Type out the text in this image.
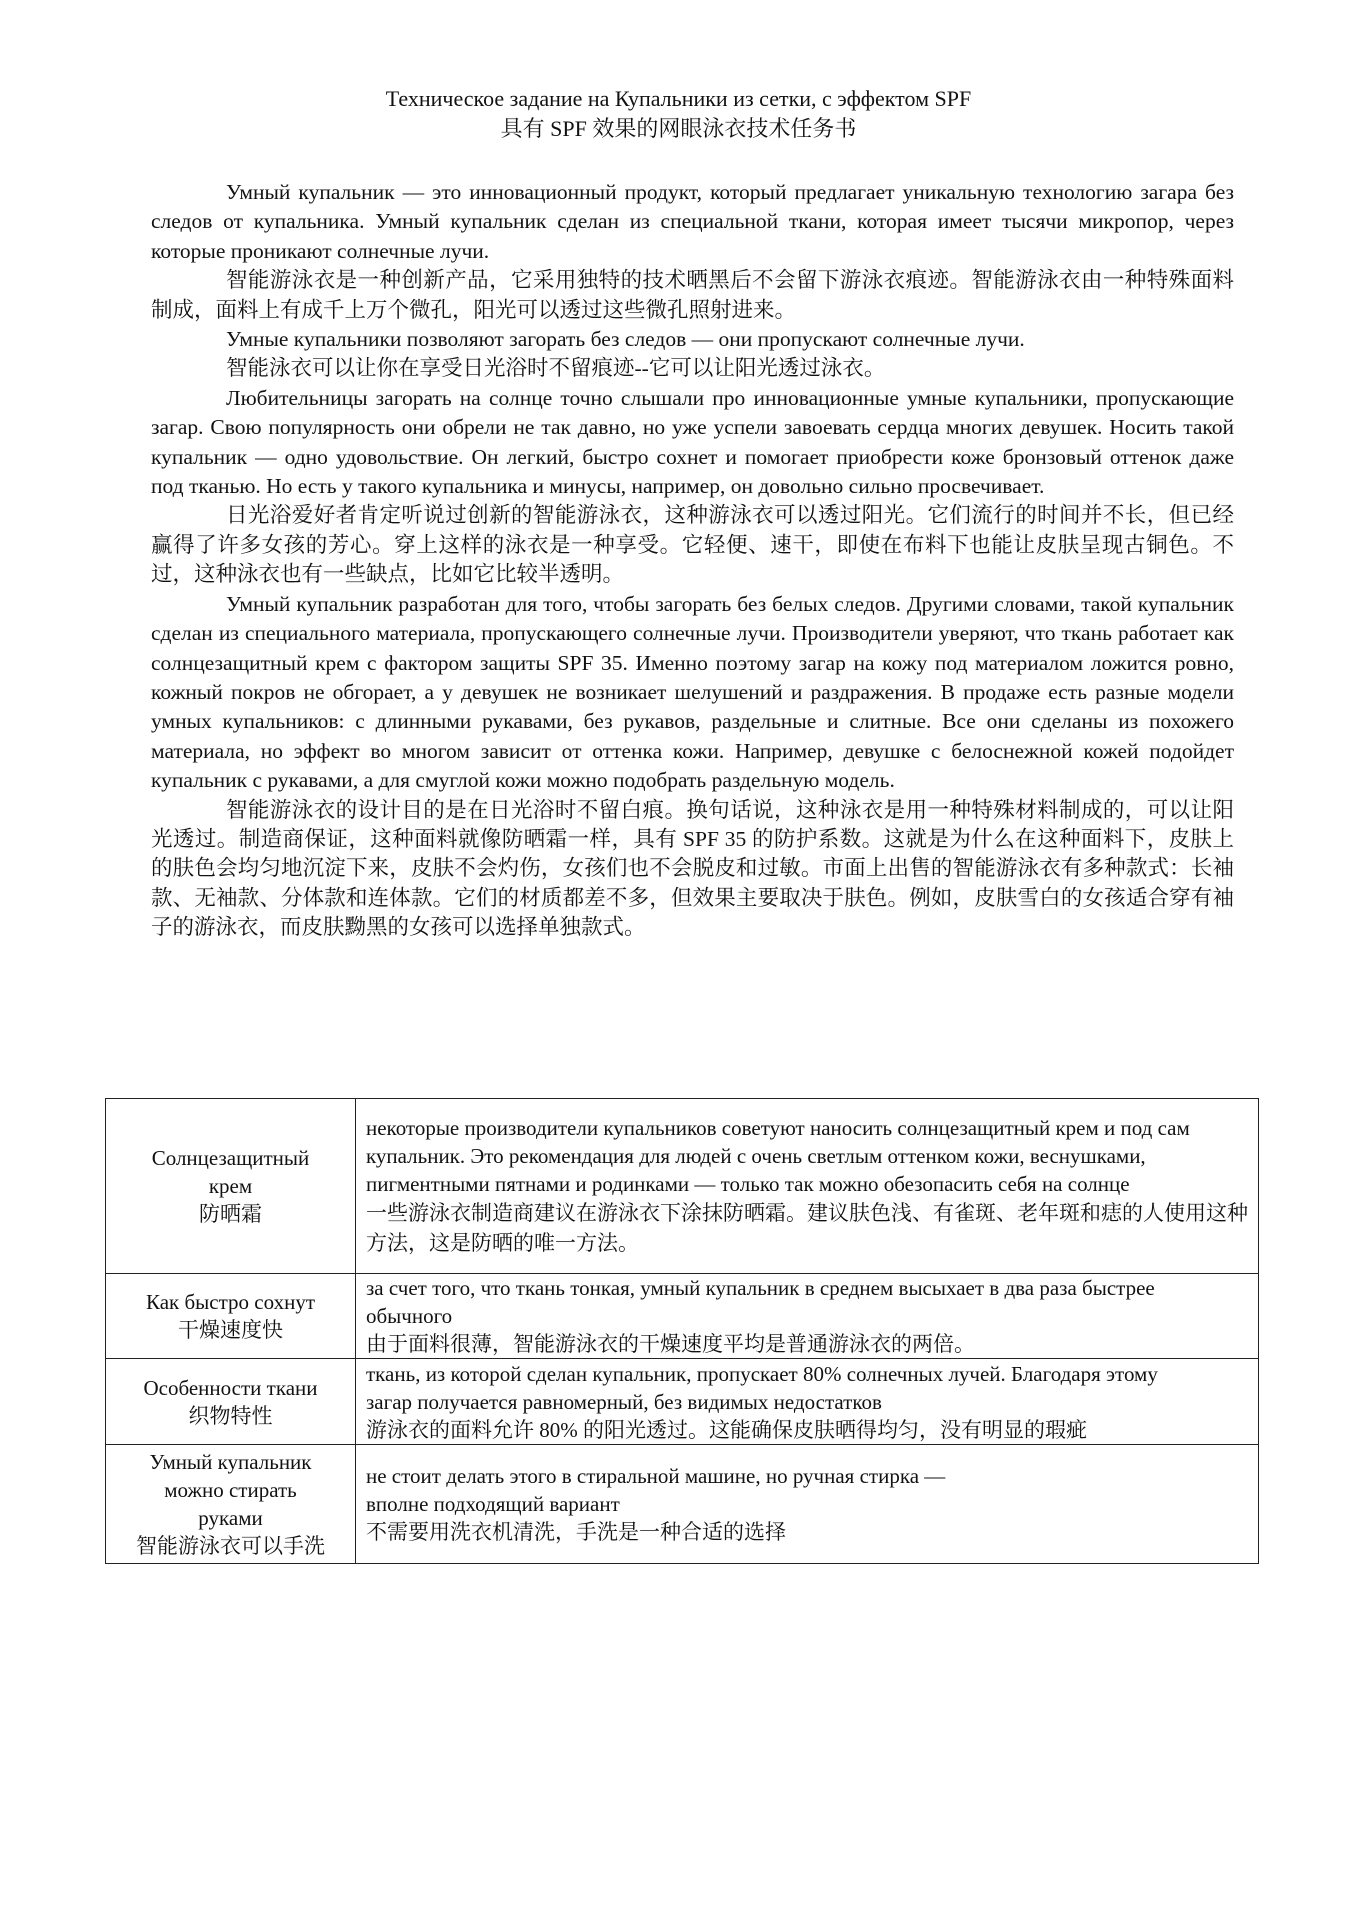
Техническое задание на Купальники из сетки, с эффектом SPF
具有 SPF 效果的网眼泳衣技术任务书

Умный купальник — это инновационный продукт, который предлагает уникальную технологию загара без следов от купальника. Умный купальник сделан из специальной ткани, которая имеет тысячи микропор, через которые проникают солнечные лучи.

智能游泳衣是一种创新产品，它采用独特的技术晒黑后不会留下游泳衣痕迹。智能游泳衣由一种特殊面料制成，面料上有成千上万个微孔，阳光可以透过这些微孔照射进来。

Умные купальники позволяют загорать без следов — они пропускают солнечные лучи.

智能泳衣可以让你在享受日光浴时不留痕迹--它可以让阳光透过泳衣。

Любительницы загорать на солнце точно слышали про инновационные умные купальники, пропускающие загар. Свою популярность они обрели не так давно, но уже успели завоевать сердца многих девушек. Носить такой купальник — одно удовольствие. Он легкий, быстро сохнет и помогает приобрести коже бронзовый оттенок даже под тканью. Но есть у такого купальника и минусы, например, он довольно сильно просвечивает.

日光浴爱好者肯定听说过创新的智能游泳衣，这种游泳衣可以透过阳光。它们流行的时间并不长，但已经赢得了许多女孩的芳心。穿上这样的泳衣是一种享受。它轻便、速干，即使在布料下也能让皮肤呈现古铜色。不过，这种泳衣也有一些缺点，比如它比较半透明。

Умный купальник разработан для того, чтобы загорать без белых следов. Другими словами, такой купальник сделан из специального материала, пропускающего солнечные лучи. Производители уверяют, что ткань работает как солнцезащитный крем с фактором защиты SPF 35. Именно поэтому загар на кожу под материалом ложится ровно, кожный покров не обгорает, а у девушек не возникает шелушений и раздражения. В продаже есть разные модели умных купальников: с длинными рукавами, без рукавов, раздельные и слитные. Все они сделаны из похожего материала, но эффект во многом зависит от оттенка кожи. Например, девушке с белоснежной кожей подойдет купальник с рукавами, а для смуглой кожи можно подобрать раздельную модель.

智能游泳衣的设计目的是在日光浴时不留白痕。换句话说，这种泳衣是用一种特殊材料制成的，可以让阳光透过。制造商保证，这种面料就像防晒霜一样，具有 SPF 35 的防护系数。这就是为什么在这种面料下，皮肤上的肤色会均匀地沉淀下来，皮肤不会灼伤，女孩们也不会脱皮和过敏。市面上出售的智能游泳衣有多种款式：长袖款、无袖款、分体款和连体款。它们的材质都差不多，但效果主要取决于肤色。例如，皮肤雪白的女孩适合穿有袖子的游泳衣，而皮肤黝黑的女孩可以选择单独款式。

Солнцезащитный крем
防晒霜	некоторые производители купальников советуют наносить солнцезащитный крем и под сам купальник. Это рекомендация для людей с очень светлым оттенком кожи, веснушками, пигментными пятнами и родинками — только так можно обезопасить себя на солнце
一些游泳衣制造商建议在游泳衣下涂抹防晒霜。建议肤色浅、有雀斑、老年斑和痣的人使用这种方法，这是防晒的唯一方法。

Как быстро сохнут
干燥速度快	за счет того, что ткань тонкая, умный купальник в среднем высыхает в два раза быстрее обычного
由于面料很薄，智能游泳衣的干燥速度平均是普通游泳衣的两倍。

Особенности ткани
织物特性	ткань, из которой сделан купальник, пропускает 80% солнечных лучей. Благодаря этому загар получается равномерный, без видимых недостатков
游泳衣的面料允许 80% 的阳光透过。这能确保皮肤晒得均匀，没有明显的瑕疵

Умный купальник можно стирать руками
智能游泳衣可以手洗	не стоит делать этого в стиральной машине, но ручная стирка — вполне подходящий вариант
不需要用洗衣机清洗，手洗是一种合适的选择
